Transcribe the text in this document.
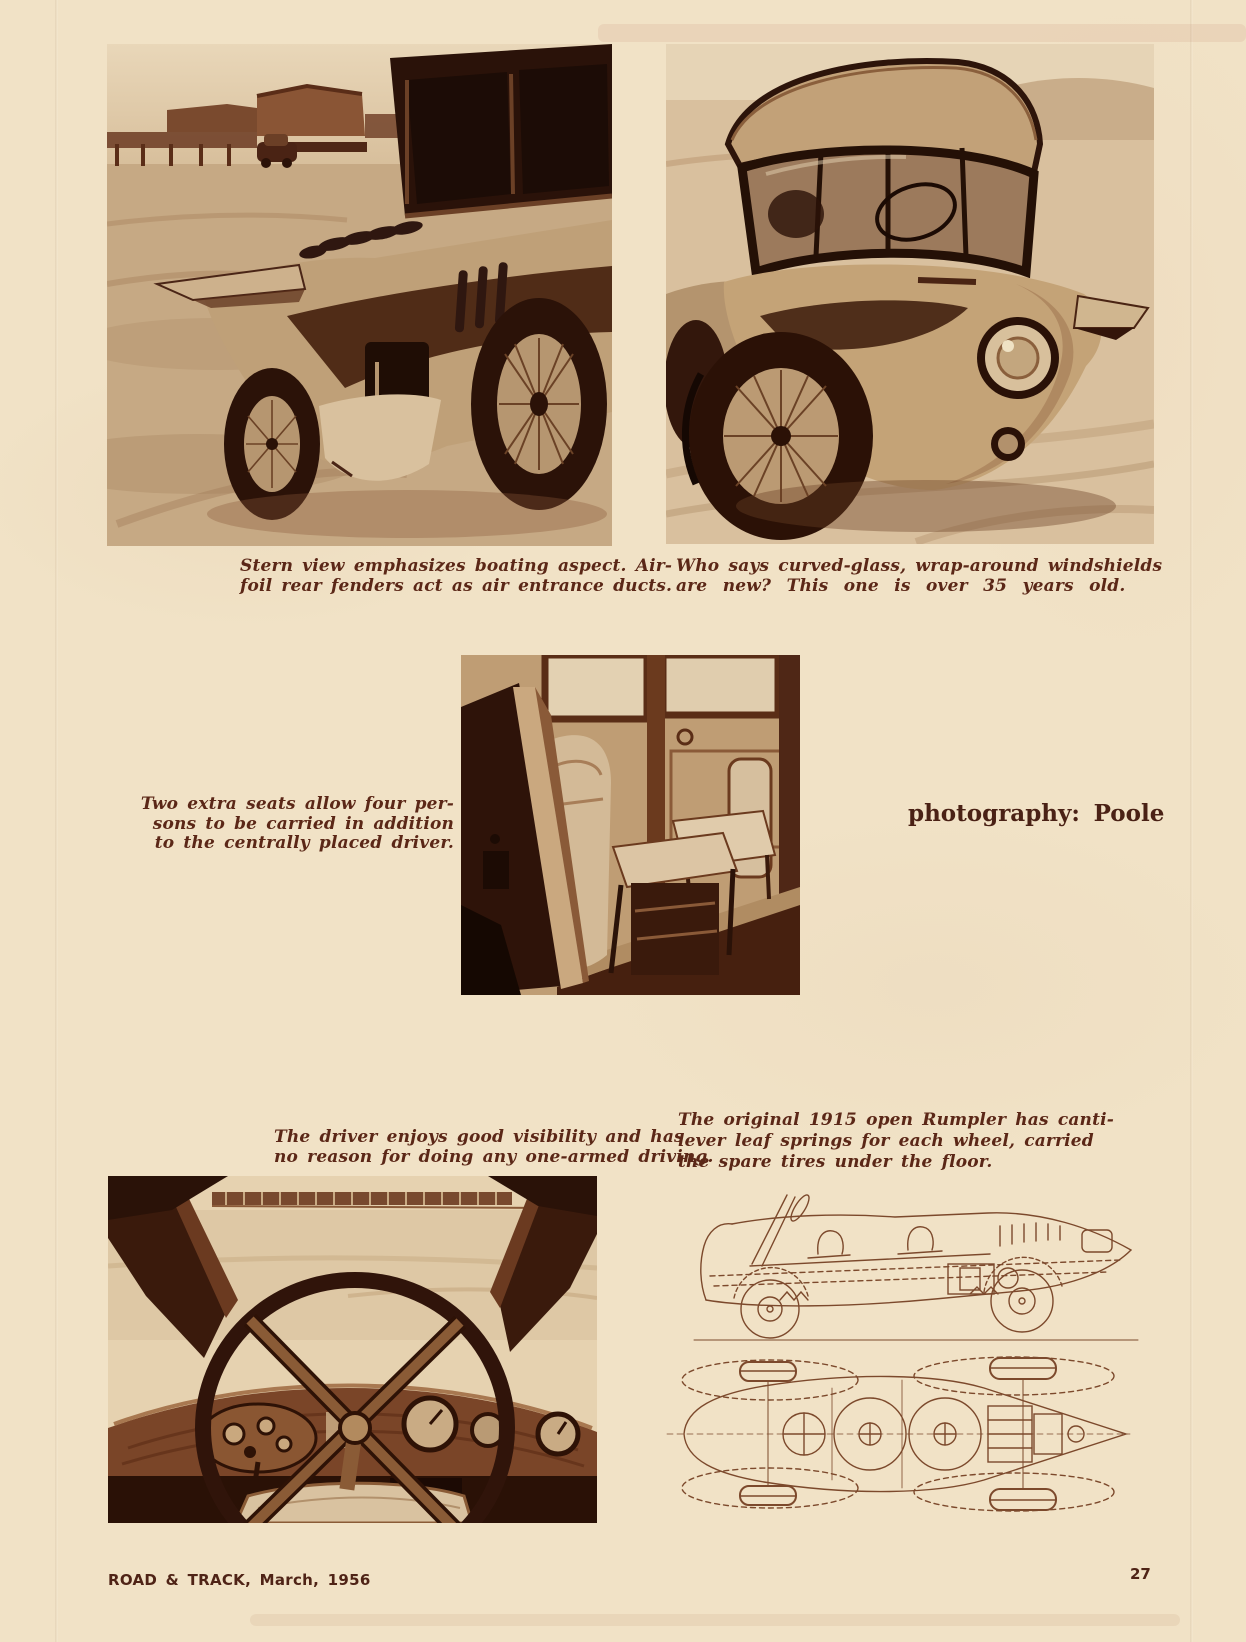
Stern view emphasizes boating aspect. Air-
foil rear fenders act as air entrance ducts.
Who says curved-glass, wrap-around windshields
are new? This one is over 35 years old.
Two extra seats allow four per-
sons to be carried in addition
to the centrally placed driver.
photography: Poole
The driver enjoys good visibility and has
no reason for doing any one-armed driving.
The original 1915 open Rumpler has canti-
lever leaf springs for each wheel, carried
the spare tires under the floor.
ROAD & TRACK, March, 1956	27
